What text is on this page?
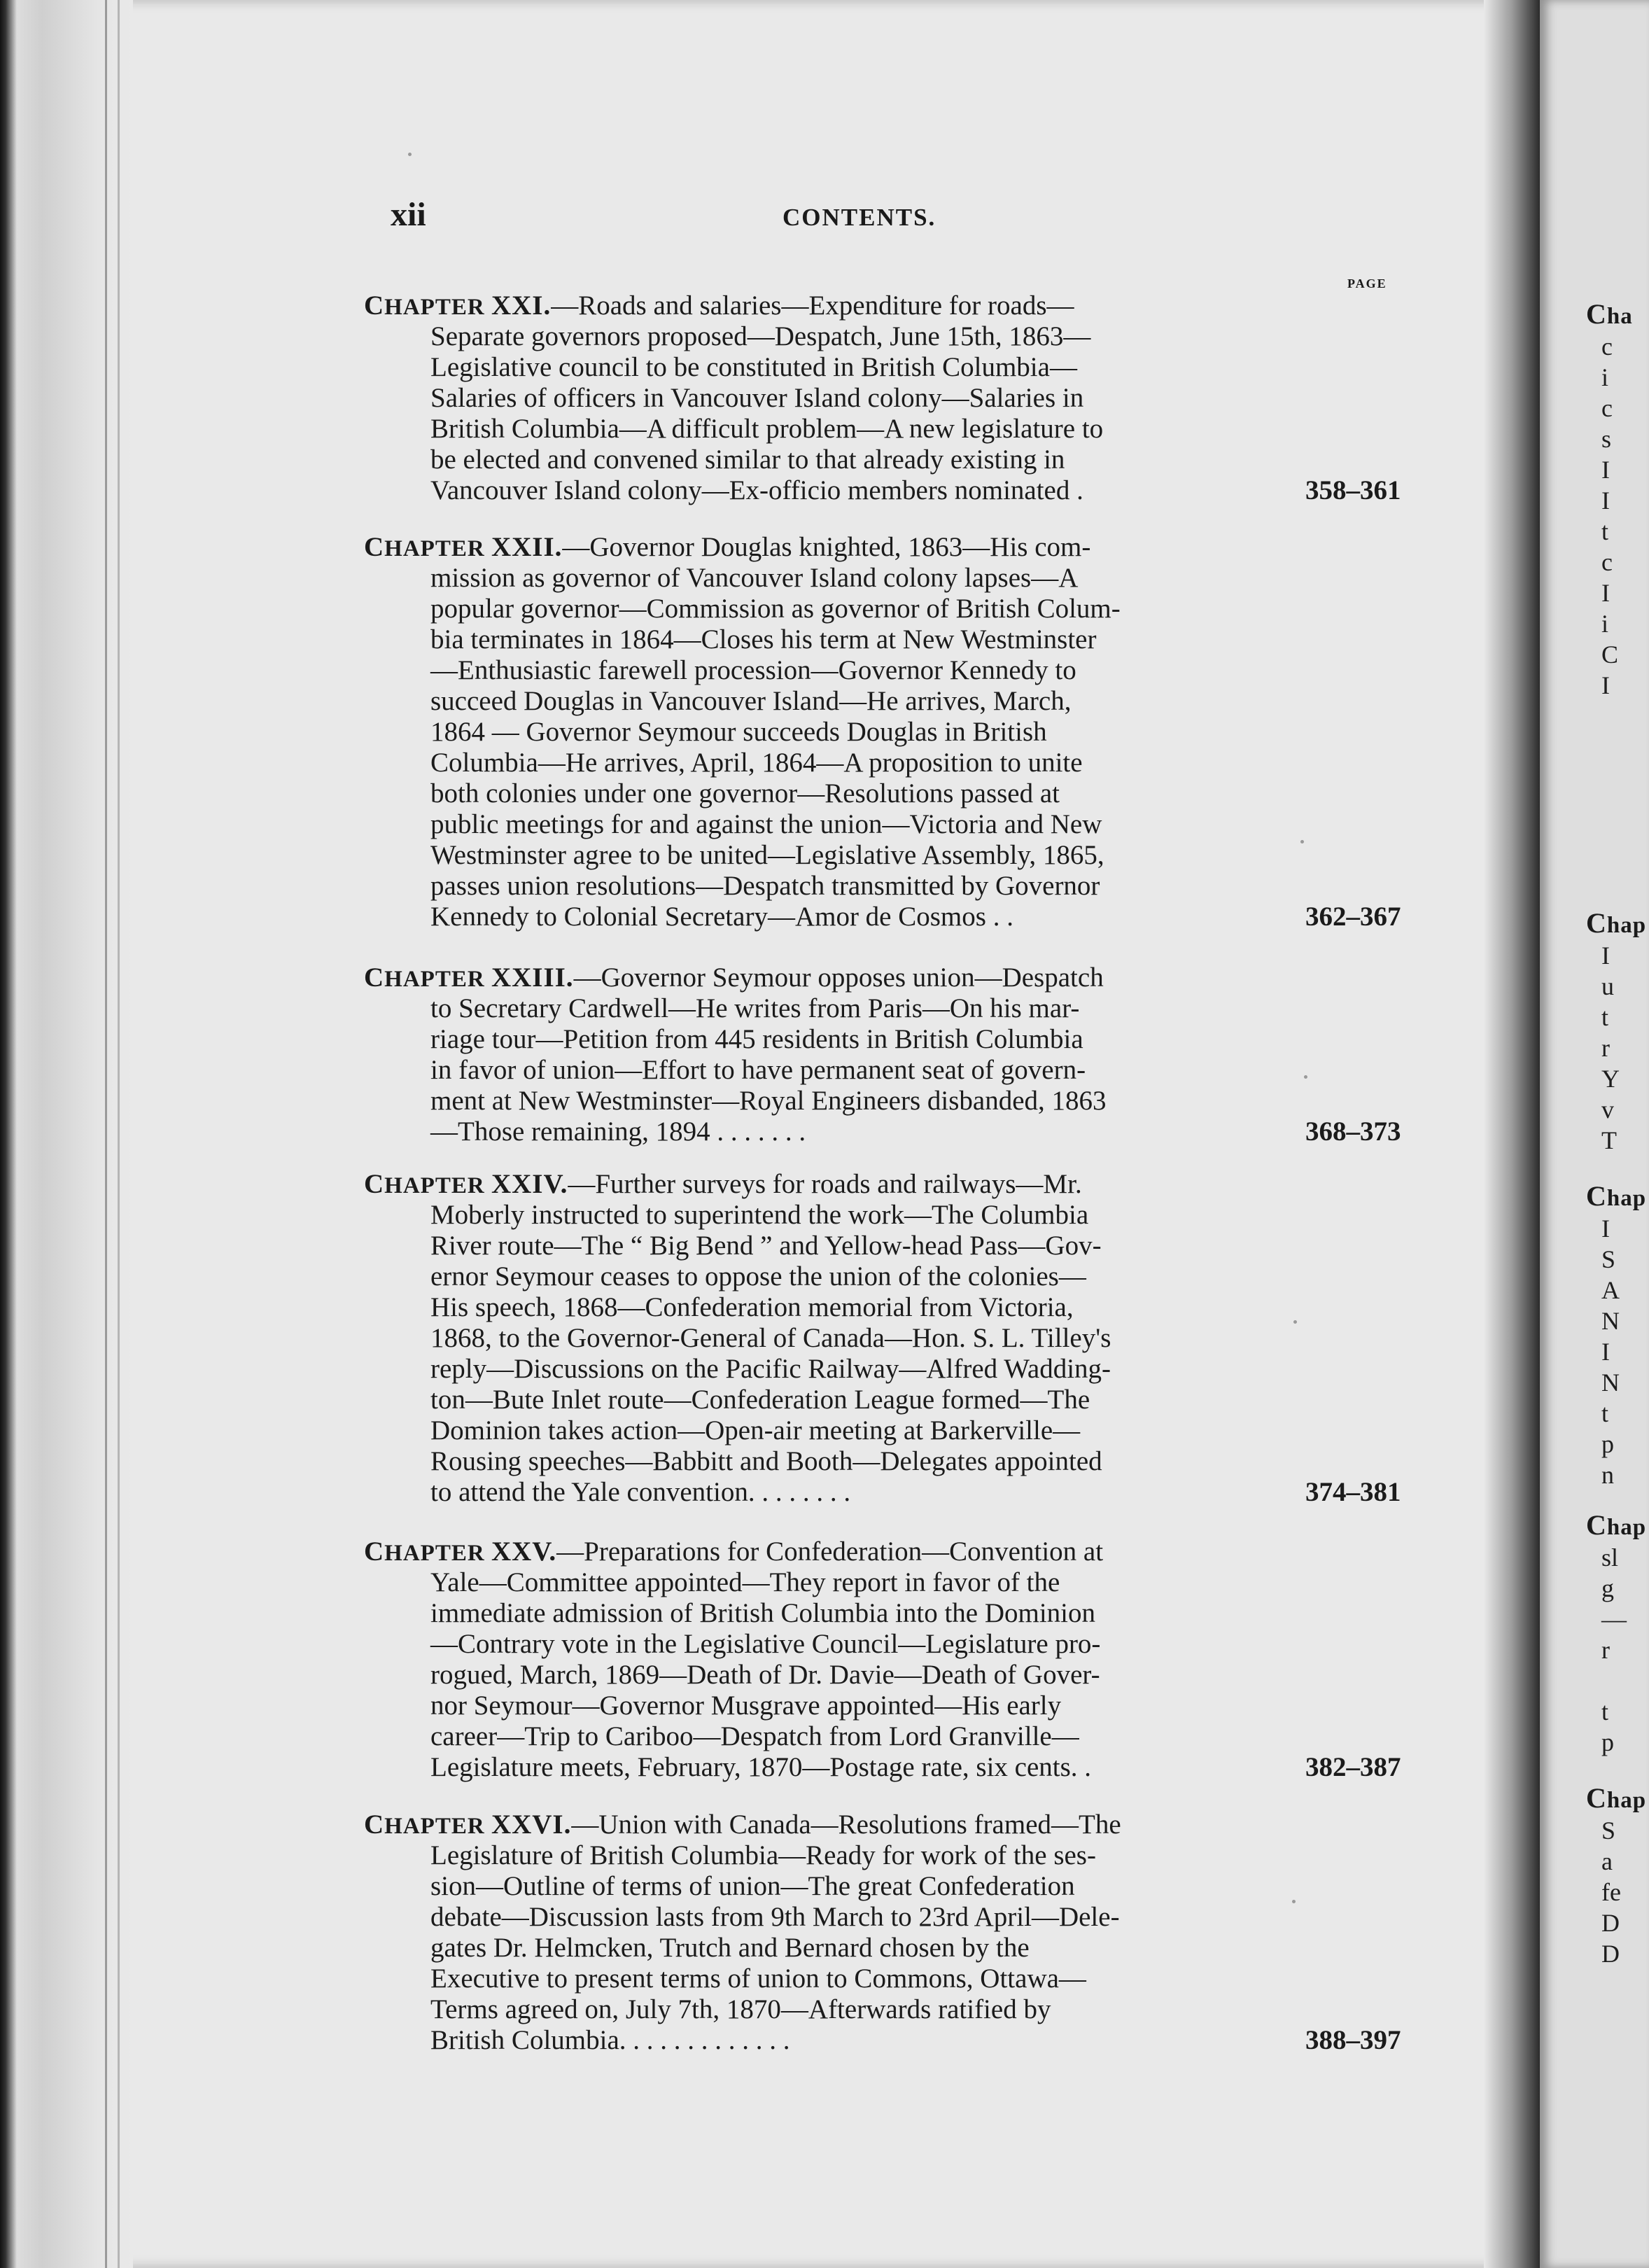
xii	CONTENTS.
PAGE
CHAPTER XXI.—Roads and salaries—Expenditure for roads—
Separate governors proposed—Despatch, June 15th, 1863—
Legislative council to be constituted in British Columbia—
Salaries of officers in Vancouver Island colony—Salaries in
British Columbia—A difficult problem—A new legislature to
be elected and convened similar to that already existing in
Vancouver Island colony—Ex-officio members nominated .	358–361
CHAPTER XXII.—Governor Douglas knighted, 1863—His com-
mission as governor of Vancouver Island colony lapses—A
popular governor—Commission as governor of British Colum-
bia terminates in 1864—Closes his term at New Westminster
—Enthusiastic farewell procession—Governor Kennedy to
succeed Douglas in Vancouver Island—He arrives, March,
1864 — Governor Seymour succeeds Douglas in British
Columbia—He arrives, April, 1864—A proposition to unite
both colonies under one governor—Resolutions passed at
public meetings for and against the union—Victoria and New
Westminster agree to be united—Legislative Assembly, 1865,
passes union resolutions—Despatch transmitted by Governor
Kennedy to Colonial Secretary—Amor de Cosmos . .	362–367
CHAPTER XXIII.—Governor Seymour opposes union—Despatch
to Secretary Cardwell—He writes from Paris—On his mar-
riage tour—Petition from 445 residents in British Columbia
in favor of union—Effort to have permanent seat of govern-
ment at New Westminster—Royal Engineers disbanded, 1863
—Those remaining, 1894 . . . . . . .	368–373
CHAPTER XXIV.—Further surveys for roads and railways—Mr.
Moberly instructed to superintend the work—The Columbia
River route—The “ Big Bend ” and Yellow-head Pass—Gov-
ernor Seymour ceases to oppose the union of the colonies—
His speech, 1868—Confederation memorial from Victoria,
1868, to the Governor-General of Canada—Hon. S. L. Tilley's
reply—Discussions on the Pacific Railway—Alfred Wadding-
ton—Bute Inlet route—Confederation League formed—The
Dominion takes action—Open-air meeting at Barkerville—
Rousing speeches—Babbitt and Booth—Delegates appointed
to attend the Yale convention. . . . . . . .	374–381
CHAPTER XXV.—Preparations for Confederation—Convention at
Yale—Committee appointed—They report in favor of the
immediate admission of British Columbia into the Dominion
—Contrary vote in the Legislative Council—Legislature pro-
rogued, March, 1869—Death of Dr. Davie—Death of Gover-
nor Seymour—Governor Musgrave appointed—His early
career—Trip to Cariboo—Despatch from Lord Granville—
Legislature meets, February, 1870—Postage rate, six cents. .	382–387
CHAPTER XXVI.—Union with Canada—Resolutions framed—The
Legislature of British Columbia—Ready for work of the ses-
sion—Outline of terms of union—The great Confederation
debate—Discussion lasts from 9th March to 23rd April—Dele-
gates Dr. Helmcken, Trutch and Bernard chosen by the
Executive to present terms of union to Commons, Ottawa—
Terms agreed on, July 7th, 1870—Afterwards ratified by
British Columbia. . . . . . . . . . . . .	388–397
Cha
c
i
c
s
I
I
t
c
I
i
C
I
Chap
I
u
t
r
Y
v
T
Chap
I
S
A
N
I
N
t
p
n
Chap
sl
g
—
r
t
p
Chap
S
a
fe
D
D
